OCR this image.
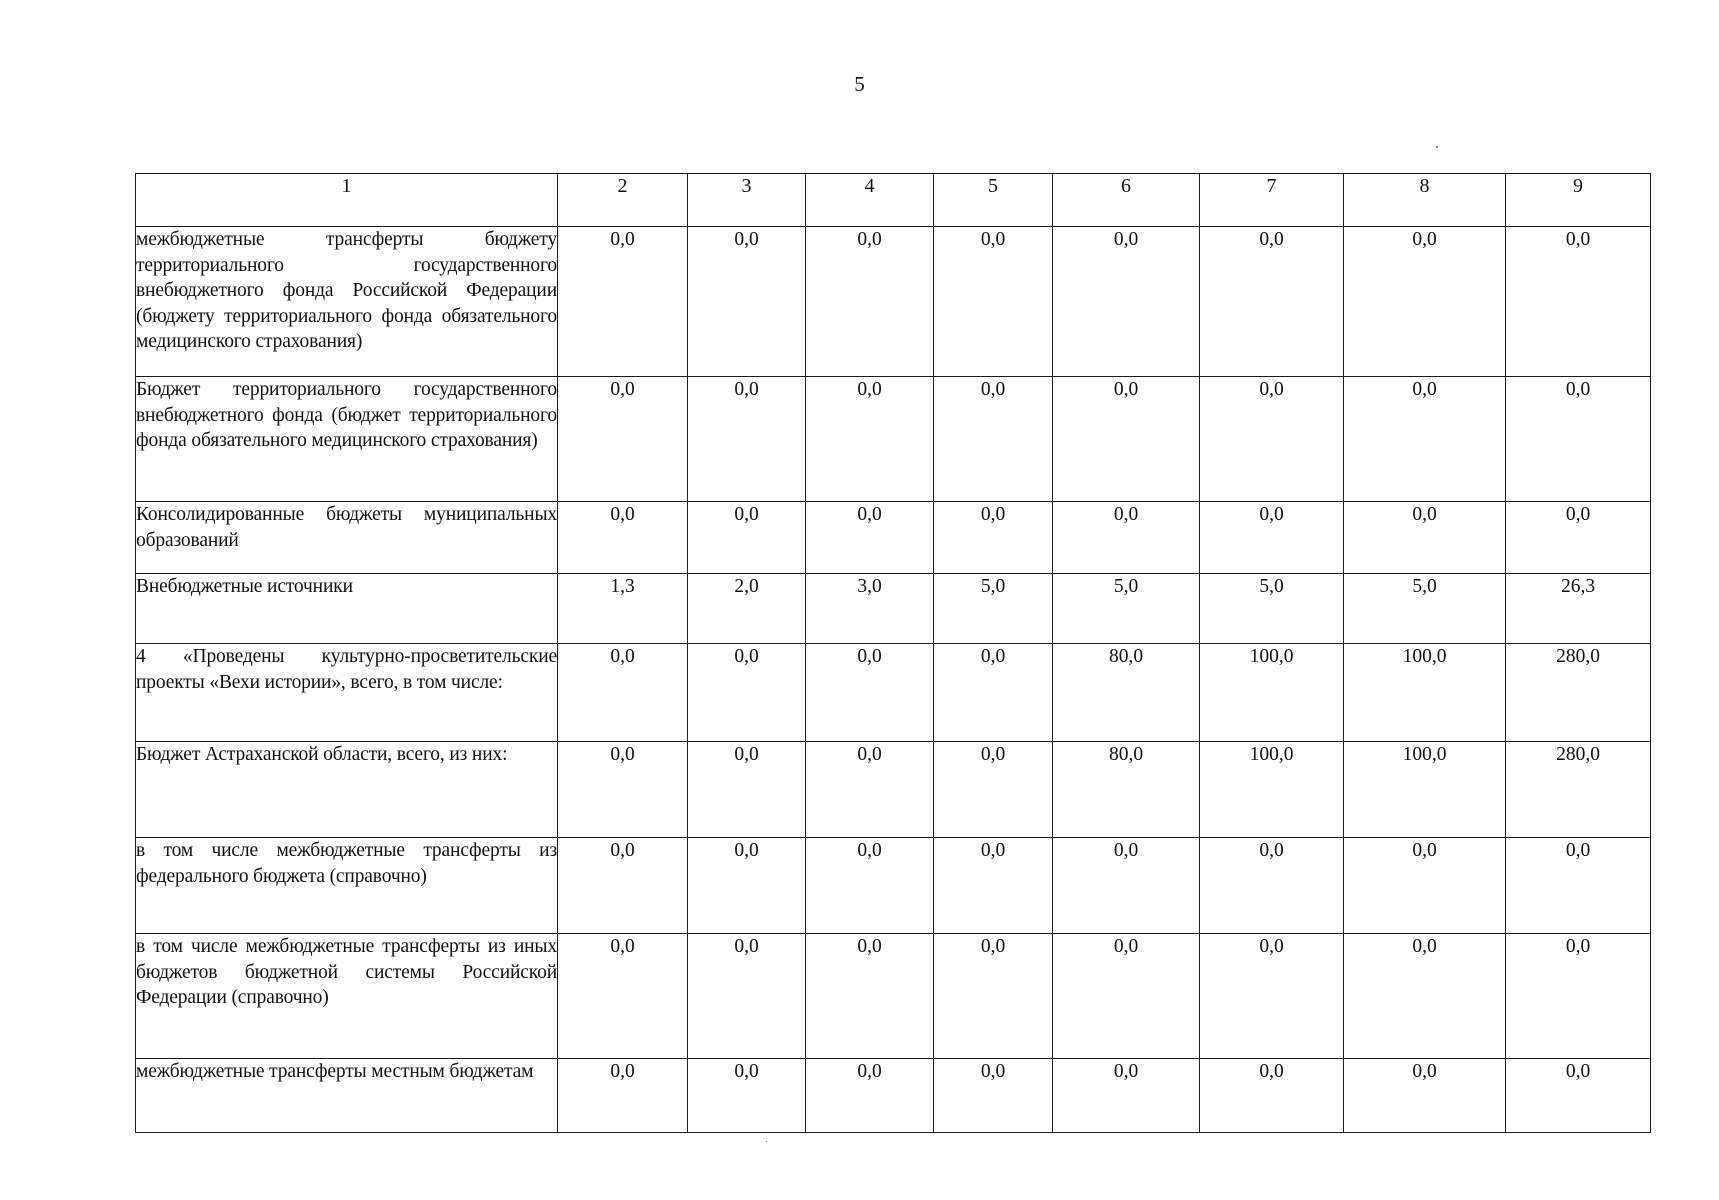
5
1	2	3	4	5	6	7	8	9
межбюджетные трансферты бюджету территориального государственного внебюджетного фонда Российской Федерации (бюджету территориального фонда обязательного медицинского страхования)	0,0	0,0	0,0	0,0	0,0	0,0	0,0	0,0
Бюджет территориального государственного внебюджетного фонда (бюджет территориального фонда обязательного медицинского страхования)	0,0	0,0	0,0	0,0	0,0	0,0	0,0	0,0
Консолидированные бюджеты муниципальных образований	0,0	0,0	0,0	0,0	0,0	0,0	0,0	0,0
Внебюджетные источники	1,3	2,0	3,0	5,0	5,0	5,0	5,0	26,3
4 «Проведены культурно-просветительские проекты «Вехи истории», всего, в том числе:	0,0	0,0	0,0	0,0	80,0	100,0	100,0	280,0
Бюджет Астраханской области, всего, из них:	0,0	0,0	0,0	0,0	80,0	100,0	100,0	280,0
в том числе межбюджетные трансферты из федерального бюджета (справочно)	0,0	0,0	0,0	0,0	0,0	0,0	0,0	0,0
в том числе межбюджетные трансферты из иных бюджетов бюджетной системы Российской Федерации (справочно)	0,0	0,0	0,0	0,0	0,0	0,0	0,0	0,0
межбюджетные трансферты местным бюджетам	0,0	0,0	0,0	0,0	0,0	0,0	0,0	0,0
